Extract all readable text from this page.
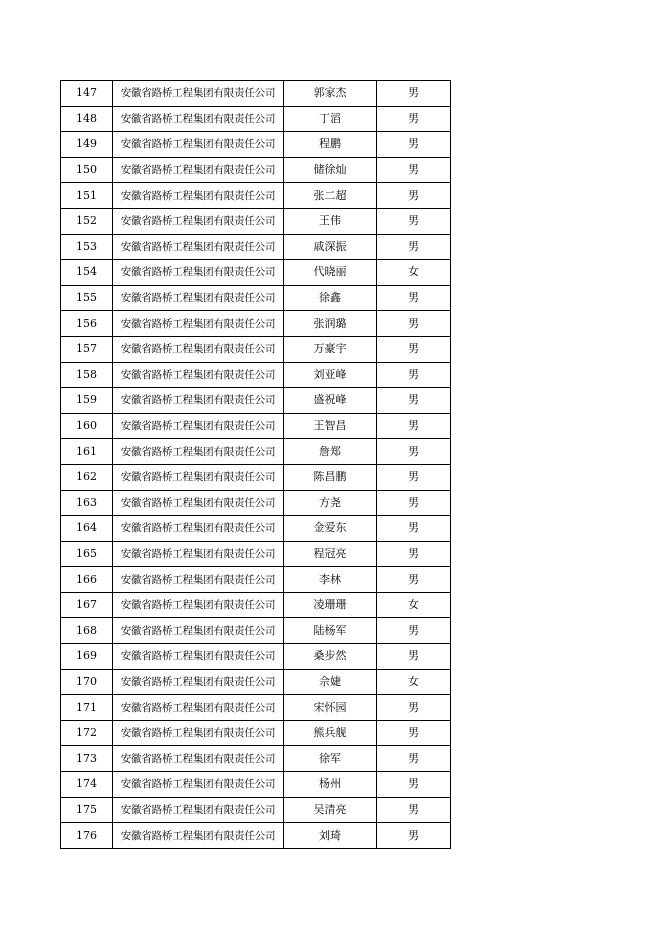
147	安徽省路桥工程集团有限责任公司	郭家杰	男
148	安徽省路桥工程集团有限责任公司	丁滔	男
149	安徽省路桥工程集团有限责任公司	程鹏	男
150	安徽省路桥工程集团有限责任公司	储徐灿	男
151	安徽省路桥工程集团有限责任公司	张二超	男
152	安徽省路桥工程集团有限责任公司	王伟	男
153	安徽省路桥工程集团有限责任公司	戚深振	男
154	安徽省路桥工程集团有限责任公司	代晓丽	女
155	安徽省路桥工程集团有限责任公司	徐鑫	男
156	安徽省路桥工程集团有限责任公司	张润璐	男
157	安徽省路桥工程集团有限责任公司	万豪宇	男
158	安徽省路桥工程集团有限责任公司	刘亚峰	男
159	安徽省路桥工程集团有限责任公司	盛祝峰	男
160	安徽省路桥工程集团有限责任公司	王智昌	男
161	安徽省路桥工程集团有限责任公司	詹郑	男
162	安徽省路桥工程集团有限责任公司	陈昌鹏	男
163	安徽省路桥工程集团有限责任公司	方尧	男
164	安徽省路桥工程集团有限责任公司	金爱东	男
165	安徽省路桥工程集团有限责任公司	程冠亮	男
166	安徽省路桥工程集团有限责任公司	李林	男
167	安徽省路桥工程集团有限责任公司	凌珊珊	女
168	安徽省路桥工程集团有限责任公司	陆杨军	男
169	安徽省路桥工程集团有限责任公司	桑步然	男
170	安徽省路桥工程集团有限责任公司	佘婕	女
171	安徽省路桥工程集团有限责任公司	宋怀园	男
172	安徽省路桥工程集团有限责任公司	熊兵舰	男
173	安徽省路桥工程集团有限责任公司	徐军	男
174	安徽省路桥工程集团有限责任公司	杨州	男
175	安徽省路桥工程集团有限责任公司	吴清亮	男
176	安徽省路桥工程集团有限责任公司	刘琦	男
